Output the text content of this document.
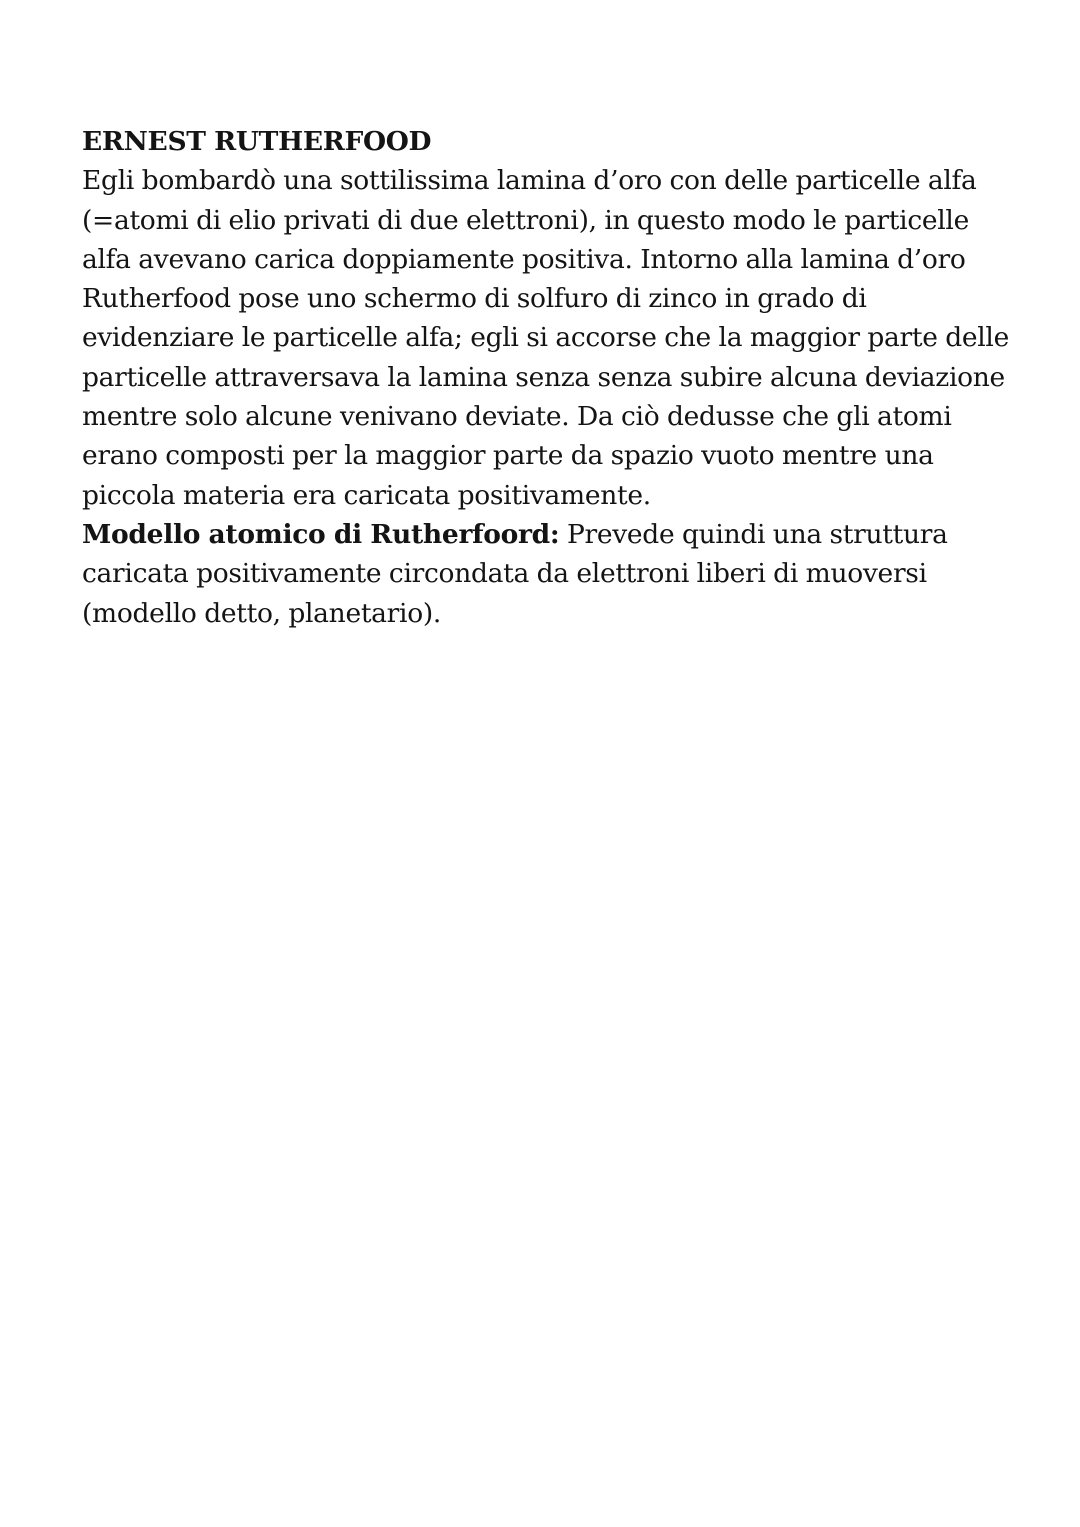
ERNEST RUTHERFOOD

Egli bombardò una sottilissima lamina d’oro con delle particelle alfa (=atomi di elio privati di due elettroni), in questo modo le particelle alfa avevano carica doppiamente positiva. Intorno alla lamina d’oro Rutherfood pose uno schermo di solfuro di zinco in grado di evidenziare le particelle alfa; egli si accorse che la maggior parte delle particelle attraversava la lamina senza senza subire alcuna deviazione mentre solo alcune venivano deviate. Da ciò dedusse che gli atomi erano composti per la maggior parte da spazio vuoto mentre una piccola materia era caricata positivamente.

Modello atomico di Rutherfoord: Prevede quindi una struttura caricata positivamente circondata da elettroni liberi di muoversi (modello detto, planetario).
